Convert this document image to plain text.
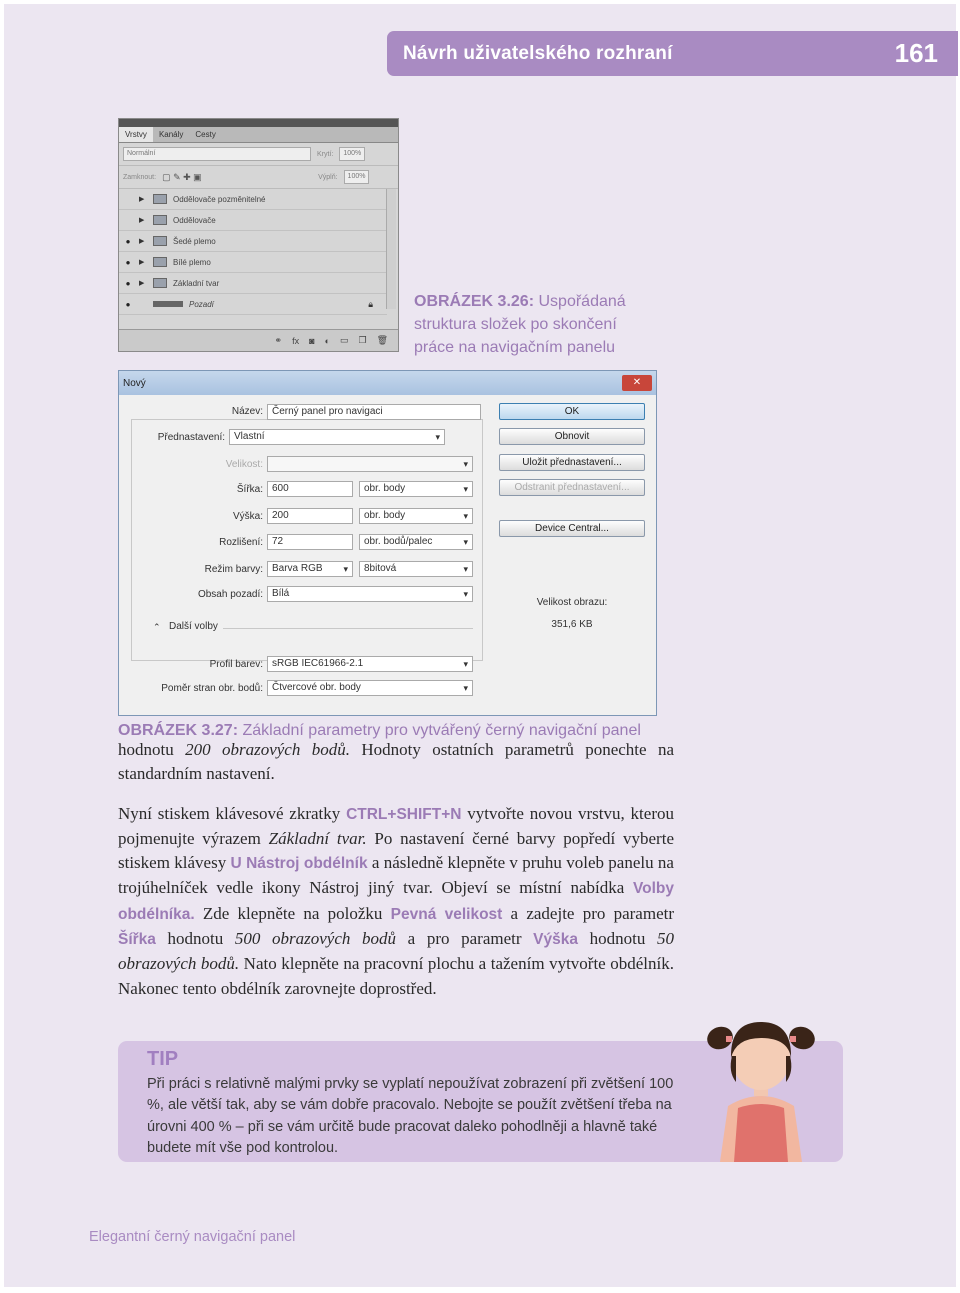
Návrh uživatelského rozhraní	161
Vrstvy	Kanály	Cesty
Normální	Krytí:	100%
Zamknout: ▢ ✎ ✚ ▣	Výplň:	100%
▶	Oddělovače pozměnitelné
▶	Oddělovače
●	▶	Šedé plemo
●	▶	Bílé plemo
●	▶	Základní tvar
●	Pozadí	🔒︎
⚭ fx ◙ ◐ ▭ ❐ 🗑︎
OBRÁZEK 3.26: Uspořádaná struktura složek po skončení práce na navigačním panelu
Nový	✕
Název: Černý panel pro navigaci
Přednastavení: Vlastní ▾
Velikost:
▾
Šířka: 600	obr. body ▾
Výška: 200	obr. body ▾
Rozlišení: 72	obr. bodů/palec ▾
Režim barvy: Barva RGB ▾	8bitová ▾
Obsah pozadí: Bílá ▾
⌃ Další volby
Profil barev: sRGB IEC61966-2.1 ▾
Poměr stran obr. bodů: Čtvercové obr. body ▾
OK
Obnovit
Uložit přednastavení...
Odstranit přednastavení...
Device Central...
Velikost obrazu:
351,6 KB
OBRÁZEK 3.27: Základní parametry pro vytvářený černý navigační panel

hodnotu 200 obrazových bodů. Hodnoty ostatních parametrů ponechte na standardním nastavení.

Nyní stiskem klávesové zkratky CTRL+SHIFT+N vytvořte novou vrstvu, kterou pojmenujte výrazem Základní tvar. Po nastavení černé barvy popředí vyberte stiskem klávesy U Nástroj obdélník a následně klepněte v pruhu voleb panelu na trojúhelníček vedle ikony Nástroj jiný tvar. Objeví se místní nabídka Volby obdélníka. Zde klepněte na položku Pevná velikost a zadejte pro parametr Šířka hodnotu 500 obrazových bodů a pro parametr Výška hodnotu 50 obrazových bodů. Nato klepněte na pracovní plochu a tažením vytvořte obdélník. Nakonec tento obdélník zarovnejte doprostřed.

TIP
Při práci s relativně malými prvky se vyplatí nepoužívat zobrazení při zvětšení 100 %, ale větší tak, aby se vám dobře pracovalo. Nebojte se použít zvětšení třeba na úrovni 400 % – při se vám určitě bude pracovat daleko pohodlněji a hlavně také budete mít vše pod kontrolou.
Elegantní černý navigační panel
